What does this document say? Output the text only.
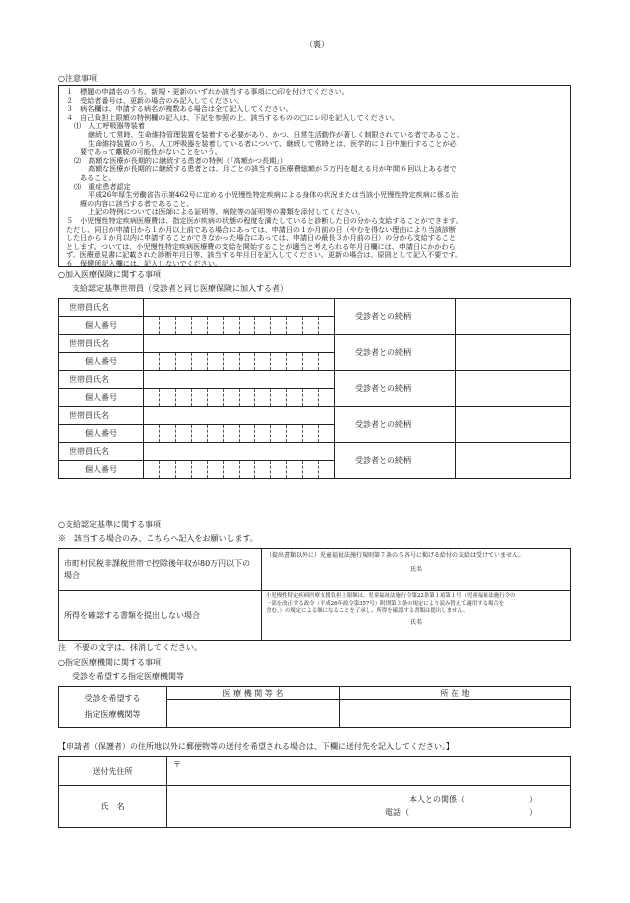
（裏）
○注意事項
１　標題の申請名のうち、新規・更新のいずれか該当する事項に○印を付けてください。
２　受給者番号は、更新の場合のみ記入してください。
３　病名欄は、申請する病名が複数ある場合は全て記入してください。
４　自己負担上限額の特例欄の記入は、下記を参照の上、該当するものの□にレ印を記入してください。
⑴　人工呼吸器等装着
継続して常時、生命維持管理装置を装着する必要があり、かつ、日常生活動作が著しく制限されている者であること。
生命維持装置のうち、人工呼吸器を装着している者について、継続して常時とは、医学的に１日中施行することが必
要であって離脱の可能性がないことをいう。
⑵　高額な医療が長期的に継続する患者の特例（「高額かつ長期」）
高額な医療が長期的に継続する患者とは、月ごとの該当する医療費総額が５万円を超える月が年間６回以上ある者で
あること。
⑶　重症患者認定
平成26年厚生労働省告示第462号に定める小児慢性特定疾病による身体の状況または当該小児慢性特定疾病に係る治
療の内容に該当する者であること。
上記の特例については医師による証明等、病院等の証明等の書類を添付してください。
５　小児慢性特定疾病医療費は、指定医が疾病の状態の程度を満たしていると診断した日の分から支給することができます。
ただし、同日が申請日から１か月以上前である場合にあっては、申請日の１か月前の日（やむを得ない理由により当該診断
した日から１か月以内に申請することができなかった場合にあっては、申請日の最長３か月前の日）の分から支給すること
とします。ついては、小児慢性特定疾病医療費の支給を開始することが適当と考えられる年月日欄には、申請日にかかわら
ず、医療意見書に記載された診断年月日等、該当する年月日を記入してください。更新の場合は、原則として記入不要です。
６　保健所記入欄には、記入しないでください。
○加入医療保険に関する事項
支給認定基準世帯員（受診者と同じ医療保険に加入する者）
世帯員氏名		受診者との続柄	
個人番号			

世帯員氏名		受診者との続柄	
個人番号			

世帯員氏名		受診者との続柄	
個人番号			

世帯員氏名		受診者との続柄	
個人番号			

世帯員氏名		受診者との続柄	
個人番号			
○支給認定基準に関する事項
※　該当する場合のみ、こちらへ記入をお願いします。
市町村民税非課税世帯で控除後年収が80万円以下の場合	（提出書類以外に）児童福祉法施行規則第７条の５各号に掲げる給付の支給は受けていません。
氏名

所得を確認する書類を提出しない場合	小児慢性特定疾病医療支援負担上限額は、児童福祉法施行令第22条第１項第１号（児童福祉法施行令の
一部を改正する政令（平成26年政令第357号）附則第３条の規定により読み替えて適用する場合を
含む。）の規定による額になることを了承し、所得を確認する書類は提出しません。
氏名
注　不要の文字は、抹消してください。
○指定医療機関に関する事項
受診を希望する指定医療機関等
受診を希望する
指定医療機関等	医 療 機 関 等 名	所 在 地

【申請者（保護者）の住所地以外に郵便物等の送付を希望される場合は、下欄に送付先を記入してください。】
送付先住所	〒
氏　名	本人との関係（　　　　　　　　）
電話（　　　　　　　　　　　　　　　）
